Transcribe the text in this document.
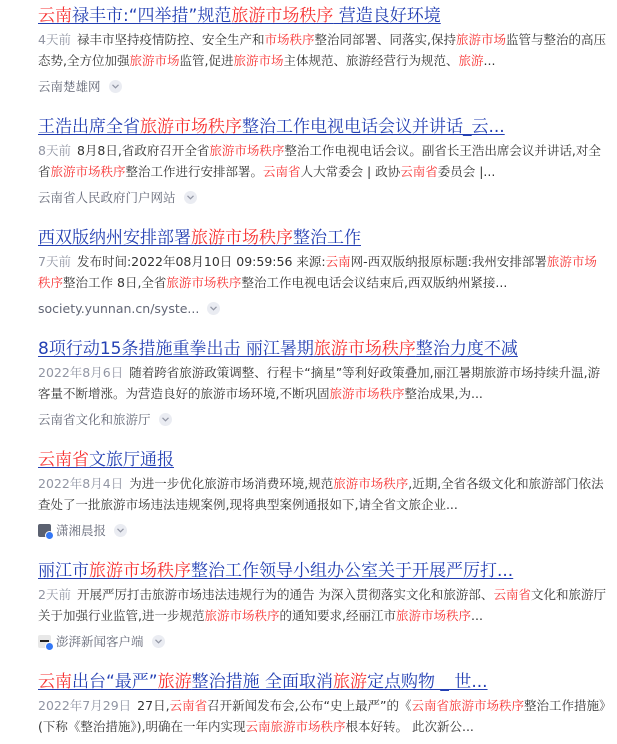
云南禄丰市:“四举措”规范旅游市场秩序 营造良好环境
4天前 禄丰市坚持疫情防控、安全生产和市场秩序整治同部署、同落实,保持旅游市场监管与整治的高压态势,全方位加强旅游市场监管,促进旅游市场主体规范、旅游经营行为规范、旅游...
云南楚雄网
王浩出席全省旅游市场秩序整治工作电视电话会议并讲话_云...
8天前 8月8日,省政府召开全省旅游市场秩序整治工作电视电话会议。副省长王浩出席会议并讲话,对全省旅游市场秩序整治工作进行安排部署。云南省人大常委会 | 政协云南省委员会 |...
云南省人民政府门户网站
西双版纳州安排部署旅游市场秩序整治工作
7天前 发布时间:2022年08月10日 09:59:56 来源:云南网-西双版纳报原标题:我州安排部署旅游市场秩序整治工作 8日,全省旅游市场秩序整治工作电视电话会议结束后,西双版纳州紧接...
society.yunnan.cn/syste...
8项行动15条措施重拳出击 丽江暑期旅游市场秩序整治力度不减
2022年8月6日 随着跨省旅游政策调整、行程卡“摘星”等利好政策叠加,丽江暑期旅游市场持续升温,游客量不断增涨。为营造良好的旅游市场环境,不断巩固旅游市场秩序整治成果,为...
云南省文化和旅游厅
云南省文旅厅通报
2022年8月4日 为进一步优化旅游市场消费环境,规范旅游市场秩序,近期,全省各级文化和旅游部门依法查处了一批旅游市场违法违规案例,现将典型案例通报如下,请全省文旅企业...
潇湘晨报
丽江市旅游市场秩序整治工作领导小组办公室关于开展严厉打...
2天前 开展严厉打击旅游市场违法违规行为的通告 为深入贯彻落实文化和旅游部、云南省文化和旅游厅关于加强行业监管,进一步规范旅游市场秩序的通知要求,经丽江市旅游市场秩序...
澎湃新闻客户端
云南出台“最严”旅游整治措施 全面取消旅游定点购物 _ 世...
2022年7月29日 27日,云南省召开新闻发布会,公布“史上最严”的《云南省旅游市场秩序整治工作措施》(下称《整治措施》),明确在一年内实现云南旅游市场秩序根本好转。 此次新公...
